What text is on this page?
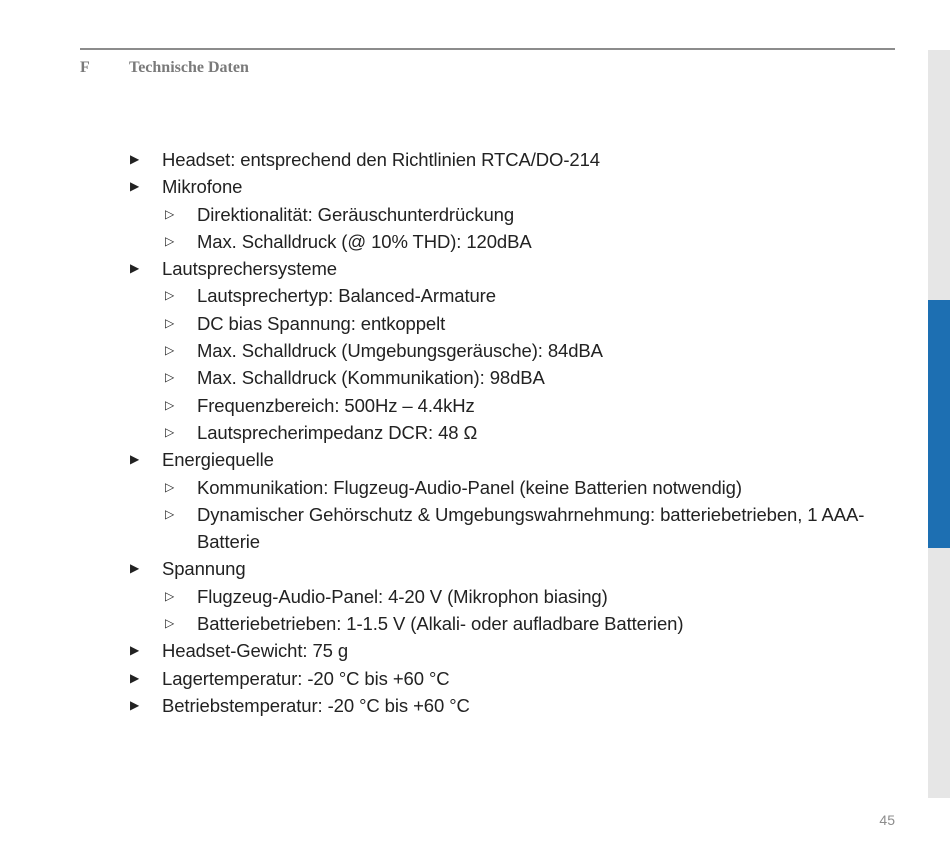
F	Technische Daten
▶ Headset: entsprechend den Richtlinien RTCA/DO-214
▶ Mikrofone
▷ Direktionalität: Geräuschunterdrückung
▷ Max. Schalldruck (@ 10% THD): 120dBA
▶ Lautsprechersysteme
▷ Lautsprechertyp: Balanced-Armature
▷ DC bias Spannung: entkoppelt
▷ Max. Schalldruck (Umgebungsgeräusche): 84dBA
▷ Max. Schalldruck (Kommunikation): 98dBA
▷ Frequenzbereich: 500Hz – 4.4kHz
▷ Lautsprecherimpedanz DCR: 48 Ω
▶ Energiequelle
▷ Kommunikation: Flugzeug-Audio-Panel (keine Batterien notwendig)
▷ Dynamischer Gehörschutz & Umgebungswahrnehmung: batteriebetrieben, 1 AAA-Batterie
▶ Spannung
▷ Flugzeug-Audio-Panel: 4-20 V (Mikrophon biasing)
▷ Batteriebetrieben: 1-1.5 V (Alkali- oder aufladbare Batterien)
▶ Headset-Gewicht: 75 g
▶ Lagertemperatur: -20 °C bis +60 °C
▶ Betriebstemperatur: -20 °C bis +60 °C
45
